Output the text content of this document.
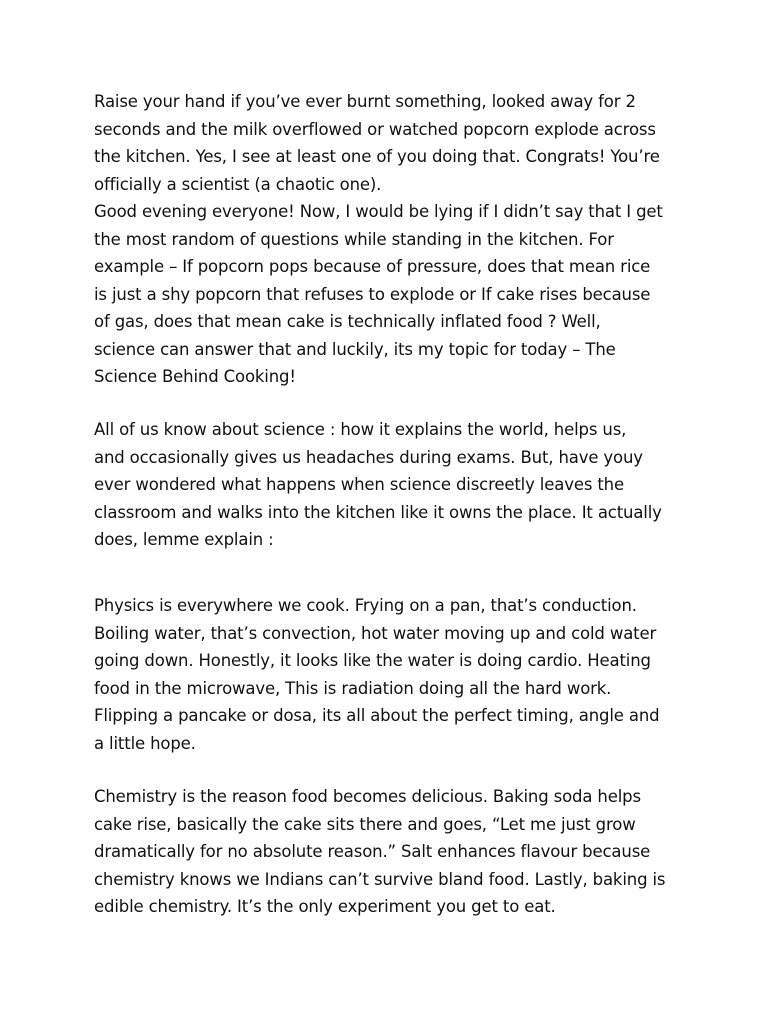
Raise your hand if you’ve ever burnt something, looked away for 2
seconds and the milk overflowed or watched popcorn explode across
the kitchen. Yes, I see at least one of you doing that. Congrats! You’re
officially a scientist (a chaotic one).
Good evening everyone! Now, I would be lying if I didn’t say that I get
the most random of questions while standing in the kitchen. For
example – If popcorn pops because of pressure, does that mean rice
is just a shy popcorn that refuses to explode or If cake rises because
of gas, does that mean cake is technically inflated food ? Well,
science can answer that and luckily, its my topic for today – The
Science Behind Cooking!
All of us know about science : how it explains the world, helps us,
and occasionally gives us headaches during exams. But, have youy
ever wondered what happens when science discreetly leaves the
classroom and walks into the kitchen like it owns the place. It actually
does, lemme explain :
Physics is everywhere we cook. Frying on a pan, that’s conduction.
Boiling water, that’s convection, hot water moving up and cold water
going down. Honestly, it looks like the water is doing cardio. Heating
food in the microwave, This is radiation doing all the hard work.
Flipping a pancake or dosa, its all about the perfect timing, angle and
a little hope.
Chemistry is the reason food becomes delicious. Baking soda helps
cake rise, basically the cake sits there and goes, “Let me just grow
dramatically for no absolute reason.” Salt enhances flavour because
chemistry knows we Indians can’t survive bland food. Lastly, baking is
edible chemistry. It’s the only experiment you get to eat.
